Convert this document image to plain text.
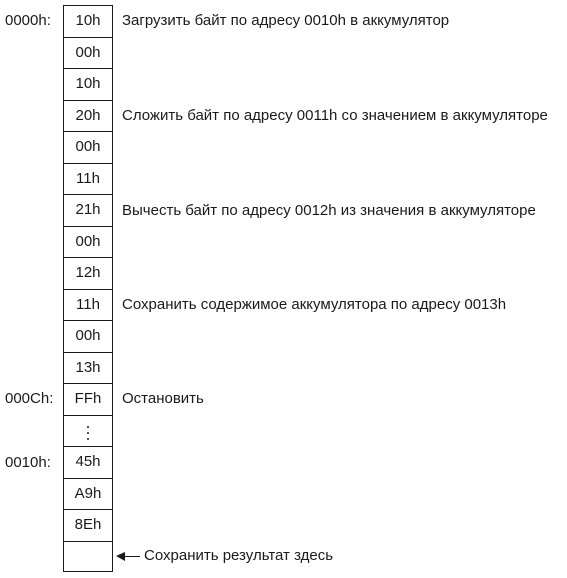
0000h:
000Ch:
0010h:
10h
00h
10h
20h
00h
11h
21h
00h
12h
11h
00h
13h
FFh
45h
A9h
8Eh
Загрузить байт по адресу 0010h в аккумулятор
Сложить байт по адресу 0011h со значением в аккумуляторе
Вычесть байт по адресу 0012h из значения в аккумуляторе
Сохранить содержимое аккумулятора по адресу 0013h
Остановить
Сохранить результат здесь
